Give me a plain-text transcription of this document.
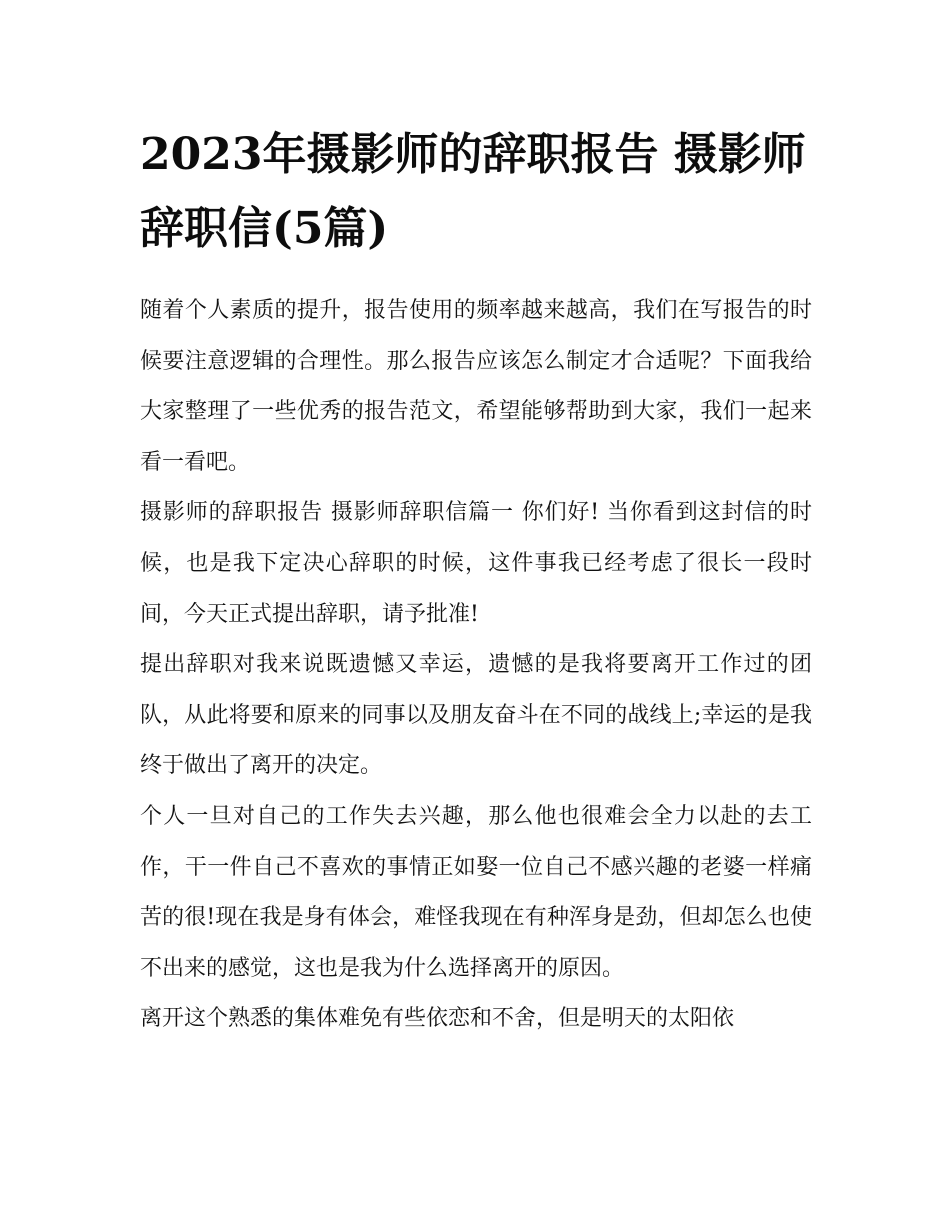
2023年摄影师的辞职报告 摄影师辞职信(5篇)

随着个人素质的提升，报告使用的频率越来越高，我们在写报告的时候要注意逻辑的合理性。那么报告应该怎么制定才合适呢？下面我给大家整理了一些优秀的报告范文，希望能够帮助到大家，我们一起来看一看吧。

摄影师的辞职报告 摄影师辞职信篇一 你们好! 当你看到这封信的时候，也是我下定决心辞职的时候，这件事我已经考虑了很长一段时间，今天正式提出辞职，请予批准!

提出辞职对我来说既遗憾又幸运，遗憾的是我将要离开工作过的团队，从此将要和原来的同事以及朋友奋斗在不同的战线上;幸运的是我终于做出了离开的决定。

个人一旦对自己的工作失去兴趣，那么他也很难会全力以赴的去工作，干一件自己不喜欢的事情正如娶一位自己不感兴趣的老婆一样痛苦的很!现在我是身有体会，难怪我现在有种浑身是劲，但却怎么也使不出来的感觉，这也是我为什么选择离开的原因。

离开这个熟悉的集体难免有些依恋和不舍，但是明天的太阳依
